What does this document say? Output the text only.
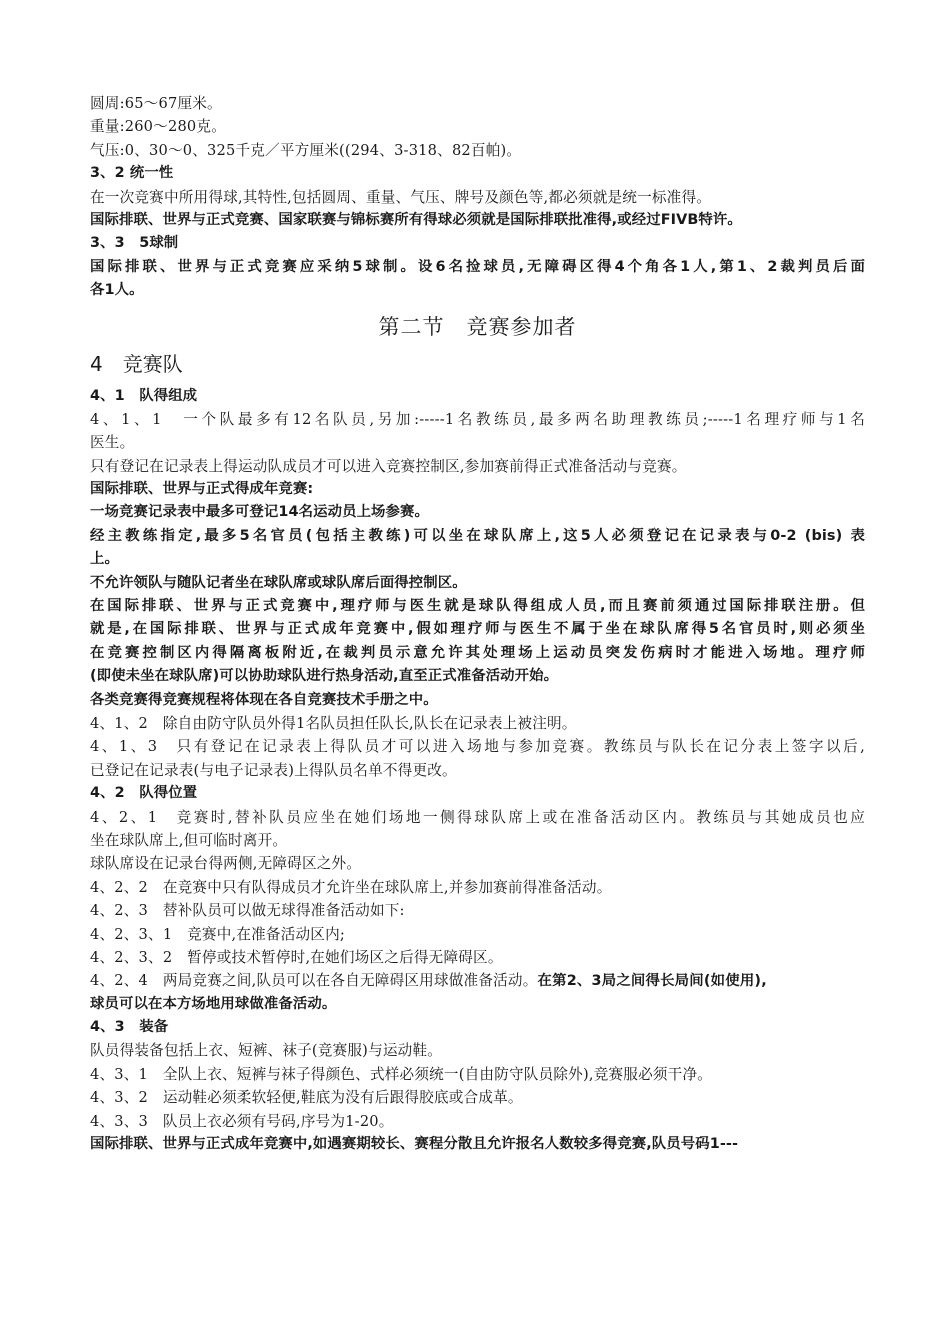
圆周:65～67厘米。
重量:260～280克。
气压:0、30～0、325千克／平方厘米((294、3-318、82百帕)。
3、2 统一性
在一次竞赛中所用得球,其特性,包括圆周、重量、气压、牌号及颜色等,都必须就是统一标准得。
国际排联、世界与正式竞赛、国家联赛与锦标赛所有得球必须就是国际排联批准得,或经过FIVB特许。
3、3　5球制
国际排联、世界与正式竞赛应采纳5球制。设6名捡球员,无障碍区得4个角各1人,第1、2裁判员后面
各1人。
第二节　竞赛参加者
4　竞赛队
4、1　队得组成
4、1、1　一个队最多有12名队员,另加:-----1名教练员,最多两名助理教练员;-----1名理疗师与1名
医生。
只有登记在记录表上得运动队成员才可以进入竞赛控制区,参加赛前得正式准备活动与竞赛。
国际排联、世界与正式得成年竞赛:
一场竞赛记录表中最多可登记14名运动员上场参赛。
经主教练指定,最多5名官员(包括主教练)可以坐在球队席上,这5人必须登记在记录表与0-2 (bis) 表
上。
不允许领队与随队记者坐在球队席或球队席后面得控制区。
在国际排联、世界与正式竞赛中,理疗师与医生就是球队得组成人员,而且赛前须通过国际排联注册。但
就是,在国际排联、世界与正式成年竞赛中,假如理疗师与医生不属于坐在球队席得5名官员时,则必须坐
在竞赛控制区内得隔离板附近,在裁判员示意允许其处理场上运动员突发伤病时才能进入场地。理疗师
(即使未坐在球队席)可以协助球队进行热身活动,直至正式准备活动开始。
各类竞赛得竞赛规程将体现在各自竞赛技术手册之中。
4、1、2　除自由防守队员外得1名队员担任队长,队长在记录表上被注明。
4、1、3　只有登记在记录表上得队员才可以进入场地与参加竞赛。教练员与队长在记分表上签字以后,
已登记在记录表(与电子记录表)上得队员名单不得更改。
4、2　队得位置
4、2、1　竞赛时,替补队员应坐在她们场地一侧得球队席上或在准备活动区内。教练员与其她成员也应
坐在球队席上,但可临时离开。
球队席设在记录台得两侧,无障碍区之外。
4、2、2　在竞赛中只有队得成员才允许坐在球队席上,并参加赛前得准备活动。
4、2、3　替补队员可以做无球得准备活动如下:
4、2、3、1　竞赛中,在准备活动区内;
4、2、3、2　暂停或技术暂停时,在她们场区之后得无障碍区。
4、2、4　两局竞赛之间,队员可以在各自无障碍区用球做准备活动。在第2、3局之间得长局间(如使用),
球员可以在本方场地用球做准备活动。
4、3　装备
队员得装备包括上衣、短裤、袜子(竞赛服)与运动鞋。
4、3、1　全队上衣、短裤与袜子得颜色、式样必须统一(自由防守队员除外),竞赛服必须干净。
4、3、2　运动鞋必须柔软轻便,鞋底为没有后跟得胶底或合成革。
4、3、3　队员上衣必须有号码,序号为1-20。
国际排联、世界与正式成年竞赛中,如遇赛期较长、赛程分散且允许报名人数较多得竞赛,队员号码1---
